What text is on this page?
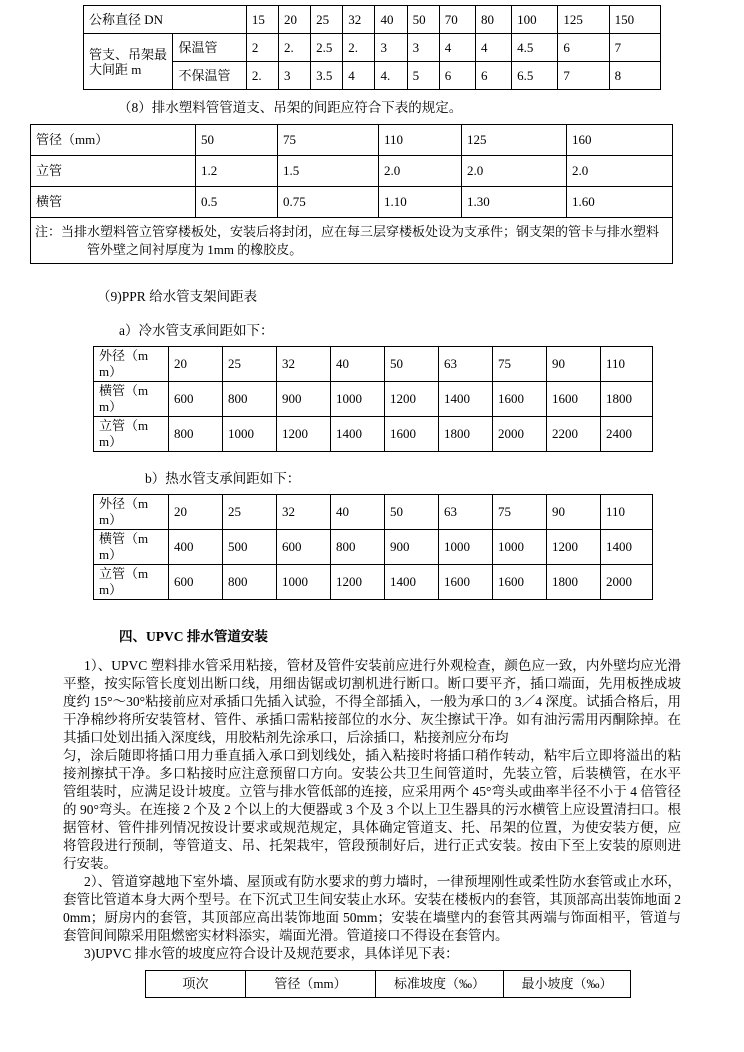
公称直径 DN		15	20	25	32	40	50	70	80	100	125	150
管支、吊架最大间距 m	保温管	2	2.	2.5	2.	3	3	4	4	4.5	6	7
	不保温管	2.	3	3.5	4	4.	5	6	6	6.5	7	8

（8）排水塑料管管道支、吊架的间距应符合下表的规定。

管径（mm）	50	75	110	125	160
立管	1.2	1.5	2.0	2.0	2.0
横管	0.5	0.75	1.10	1.30	1.60
注：当排水塑料管立管穿楼板处，安装后将封闭，应在每三层穿楼板处设为支承件；钢支架的管卡与排水塑料管外壁之间衬厚度为 1mm 的橡胶皮。					

（9)PPR 给水管支架间距表

a）冷水管支承间距如下：

外径（mm）	20	25	32	40	50	63	75	90	110
横管（mm）	600	800	900	1000	1200	1400	1600	1600	1800
立管（mm）	800	1000	1200	1400	1600	1800	2000	2200	2400

b）热水管支承间距如下：

外径（mm）	20	25	32	40	50	63	75	90	110
横管（mm）	400	500	600	800	900	1000	1000	1200	1400
立管（mm）	600	800	1000	1200	1400	1600	1600	1800	2000

四、UPVC 排水管道安装

1）、UPVC 塑料排水管采用粘接，管材及管件安装前应进行外观检查，颜色应一致，内外壁均应光滑平整，按实际管长度划出断口线，用细齿锯或切割机进行断口。断口要平齐，插口端面，先用板挫成坡度约 15°～30°粘接前应对承插口先插入试验，不得全部插入，一般为承口的 3／4 深度。试插合格后，用干净棉纱将所安装管材、管件、承插口需粘接部位的水分、灰尘擦试干净。如有油污需用丙酮除掉。在其插口处划出插入深度线，用胶粘剂先涂承口，后涂插口，粘接剂应分布均

匀，涂后随即将插口用力垂直插入承口到划线处，插入粘接时将插口稍作转动，粘牢后立即将溢出的粘接剂擦拭干净。多口粘接时应注意预留口方向。安装公共卫生间管道时，先装立管，后装横管，在水平管组装时，应满足设计坡度。立管与排水管低部的连接，应采用两个 45°弯头或曲率半径不小于 4 倍管径的 90°弯头。在连接 2 个及 2 个以上的大便器或 3 个及 3 个以上卫生器具的污水横管上应设置清扫口。根据管材、管件排列情况按设计要求或规范规定，具体确定管道支、托、吊架的位置，为使安装方便，应将管段进行预制，等管道支、吊、托架栽牢，管段预制好后，进行正式安装。按由下至上安装的原则进行安装。

2）、管道穿越地下室外墙、屋顶或有防水要求的剪力墙时，一律预埋刚性或柔性防水套管或止水环，套管比管道本身大两个型号。在下沉式卫生间安装止水环。安装在楼板内的套管，其顶部高出装饰地面 20mm；厨房内的套管，其顶部应高出装饰地面 50mm；安装在墙壁内的套管其两端与饰面相平，管道与套管间间隙采用阻燃密实材料添实，端面光滑。管道接口不得设在套管内。

3)UPVC 排水管的坡度应符合设计及规范要求，具体详见下表：

项次	管径（mm）	标准坡度（‰）	最小坡度（‰）
